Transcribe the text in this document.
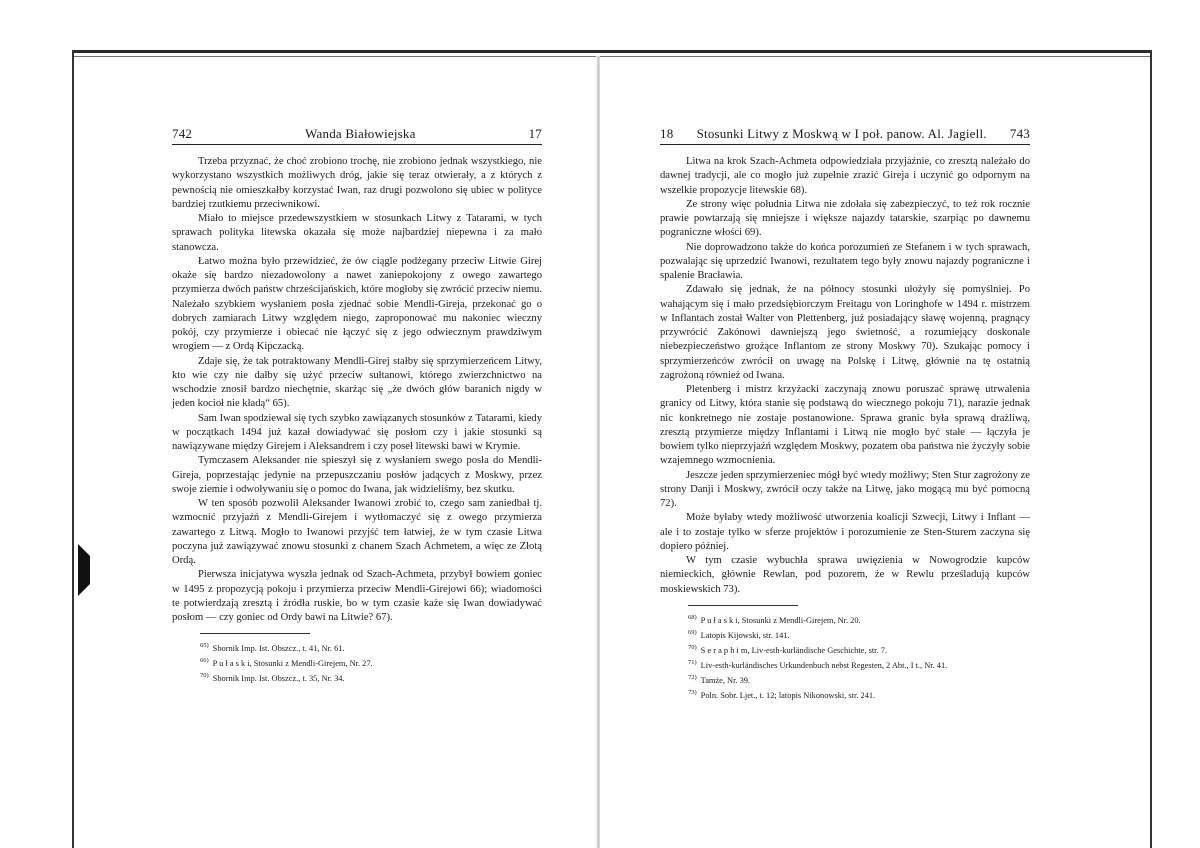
742	Wanda Białowiejska	17

Trzeba przyznać, że choć zrobiono trochę, nie zrobiono jednak wszystkiego, nie wykorzystano wszystkich możliwych dróg, jakie się teraz otwierały, a z których z pewnością nie omieszkałby korzystać Iwan, raz drugi pozwolono się ubiec w polityce bardziej rzutkiemu przeciwnikowi.

Miało to miejsce przedewszystkiem w stosunkach Litwy z Tatarami, w tych sprawach polityka litewska okazała się może najbardziej niepewna i za mało stanowcza.

Łatwo można było przewidzieć, że ów ciągle podżegany przeciw Litwie Girej okaże się bardzo niezadowolony a nawet zaniepokojony z owego zawartego przymierza dwóch państw chrześcijańskich, które mogłoby się zwrócić przeciw niemu. Należało szybkiem wysłaniem posła zjednać sobie Mendli-Gireja, przekonać go o dobrych zamiarach Litwy względem niego, zaproponować mu nakoniec wieczny pokój, czy przymierze i obiecać nie łączyć się z jego odwiecznym prawdziwym wrogiem — z Ordą Kipczacką.

Zdaje się, że tak potraktowany Mendli-Girej stałby się sprzymierzeńcem Litwy, kto wie czy nie dałby się użyć przeciw sułtanowi, którego zwierzchnictwo na wschodzie znosił bardzo niechętnie, skarżąc się „że dwóch głów baranich nigdy w jeden kocioł nie kładą“ 65).

Sam Iwan spodziewał się tych szybko zawiązanych stosunków z Tatarami, kiedy w początkach 1494 już kazał dowiadywać się posłom czy i jakie stosunki są nawiązywane między Girejem i Aleksandrem i czy poseł litewski bawi w Krymie.

Tymczasem Aleksander nie spieszył się z wysłaniem swego posła do Mendli-Gireja, poprzestając jedynie na przepuszczaniu posłów jadących z Moskwy, przez swoje ziemie i odwoływaniu się o pomoc do Iwana, jak widzieliśmy, bez skutku.

W ten sposób pozwolił Aleksander Iwanowi zrobić to, czego sam zaniedbał tj. wzmocnić przyjaźń z Mendli-Girejem i wytłomaczyć się z owego przymierza zawartego z Litwą. Mogło to Iwanowi przyjść tem łatwiej, że w tym czasie Litwa poczyna już zawiązywać znowu stosunki z chanem Szach Achmetem, a więc ze Złotą Ordą.

Pierwsza inicjatywa wyszła jednak od Szach-Achmeta, przybył bowiem goniec w 1495 z propozycją pokoju i przymierza przeciw Mendli-Girejowi 66); wiadomości te potwierdzają zresztą i źródła ruskie, bo w tym czasie każe się Iwan dowiadywać posłom — czy goniec od Ordy bawi na Litwie? 67).

$^{65)}$ Sbornik Imp. Ist. Obszcz., t. 41, Nr. 61.
$^{66)}$ P u ł a s k i, Stosunki z Mendli-Girejem, Nr. 27.
$^{70)}$ Sbornik Imp. Ist. Obszcz., t. 35, Nr. 34.
18 Stosunki Litwy z Moskwą w I poł. panow. Al. Jagiell. 743

Litwa na krok Szach-Achmeta odpowiedziała przyjaźnie, co zresztą należało do dawnej tradycji, ale co mogło już zupełnie zrazić Gireja i uczynić go odpornym na wszelkie propozycje litewskie 68).

Ze strony więc południa Litwa nie zdołała się zabezpieczyć, to też rok rocznie prawie powtarzają się mniejsze i większe najazdy tatarskie, szarpiąc po dawnemu pograniczne włości 69).

Nie doprowadzono także do końca porozumień ze Stefanem i w tych sprawach, pozwalając się uprzedzić Iwanowi, rezultatem tego były znowu najazdy pograniczne i spalenie Bracławia.

Zdawało się jednak, że na północy stosunki ułożyły się pomyślniej. Po wahającym się i mało przedsiębiorczym Freitagu von Loringhofe w 1494 r. mistrzem w Inflantach został Walter von Plettenberg, już posiadający sławę wojenną, pragnący przywrócić Zakónowi dawniejszą jego świetność, a rozumiejący doskonale niebezpieczeństwo grożące Inflantom ze strony Moskwy 70). Szukając pomocy i sprzymierzeńców zwrócił on uwagę na Polskę i Litwę, głównie na tę ostatnią zagrożoną również od Iwana.

Pletenberg i mistrz krzyżacki zaczynają znowu poruszać sprawę utrwalenia granicy od Litwy, która stanie się podstawą do wiecznego pokoju 71), narazie jednak nic konkretnego nie zostaje postanowione. Sprawa granic była sprawą drażliwą, zresztą przymierze między Inflantami i Litwą nie mogło być stałe — łączyła je bowiem tylko nieprzyjaźń względem Moskwy, pozatem oba państwa nie życzyły sobie wzajemnego wzmocnienia.

Jeszcze jeden sprzymierzeniec mógł być wtedy możliwy; Sten Stur zagrożony ze strony Danji i Moskwy, zwrócił oczy także na Litwę, jako mogącą mu być pomocną 72).

Może byłaby wtedy możliwość utworzenia koalicji Szwecji, Litwy i Inflant — ale i to zostaje tylko w sferze projektów i porozumienie ze Sten-Sturem zaczyna się dopiero później.

W tym czasie wybuchła sprawa uwięzienia w Nowogrodzie kupców niemieckich, głównie Rewlan, pod pozorem, że w Rewlu prześladują kupców moskiewskich 73).

$^{68)}$ P u ł a s k i, Stosunki z Mendli-Girejem, Nr. 20.
$^{69)}$ Latopis Kijowski, str. 141.
$^{70)}$ S e r a p h i m, Liv-esth-kurländische Geschichte, str. 7.
$^{71)}$ Liv-esth-kurländisches Urkundenbuch nebst Regesten, 2 Abt., I t., Nr. 41.
$^{72)}$ Tamże, Nr. 39.
$^{73)}$ Poln. Sobr. Ljet., t. 12; latopis Nikonowski, str. 241.
